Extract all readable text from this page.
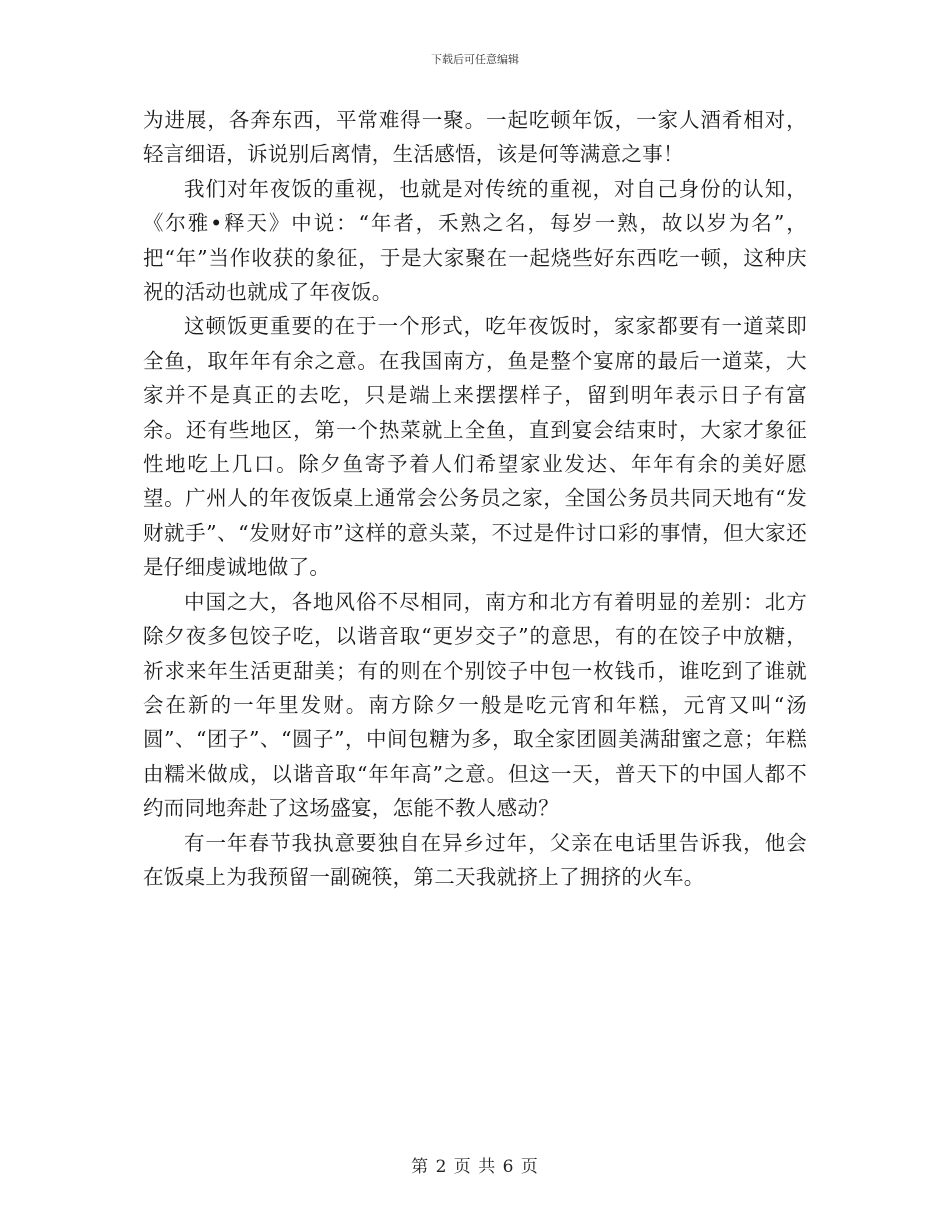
下载后可任意编辑

为进展，各奔东西，平常难得一聚。一起吃顿年饭，一家人酒肴相对，轻言细语，诉说别后离情，生活感悟，该是何等满意之事！

我们对年夜饭的重视，也就是对传统的重视，对自己身份的认知，《尔雅•释天》中说：“年者，禾熟之名，每岁一熟，故以岁为名”，把“年”当作收获的象征，于是大家聚在一起烧些好东西吃一顿，这种庆祝的活动也就成了年夜饭。

这顿饭更重要的在于一个形式，吃年夜饭时，家家都要有一道菜即全鱼，取年年有余之意。在我国南方，鱼是整个宴席的最后一道菜，大家并不是真正的去吃，只是端上来摆摆样子，留到明年表示日子有富余。还有些地区，第一个热菜就上全鱼，直到宴会结束时，大家才象征性地吃上几口。除夕鱼寄予着人们希望家业发达、年年有余的美好愿望。广州人的年夜饭桌上通常会公务员之家，全国公务员共同天地有“发财就手”、“发财好市”这样的意头菜，不过是件讨口彩的事情，但大家还是仔细虔诚地做了。

中国之大，各地风俗不尽相同，南方和北方有着明显的差别：北方除夕夜多包饺子吃，以谐音取“更岁交子”的意思，有的在饺子中放糖，祈求来年生活更甜美；有的则在个别饺子中包一枚钱币，谁吃到了谁就会在新的一年里发财。南方除夕一般是吃元宵和年糕，元宵又叫“汤圆”、“团子”、“圆子”，中间包糖为多，取全家团圆美满甜蜜之意；年糕由糯米做成，以谐音取“年年高”之意。但这一天，普天下的中国人都不约而同地奔赴了这场盛宴，怎能不教人感动？

有一年春节我执意要独自在异乡过年，父亲在电话里告诉我，他会在饭桌上为我预留一副碗筷，第二天我就挤上了拥挤的火车。

第 2 页 共 6 页
